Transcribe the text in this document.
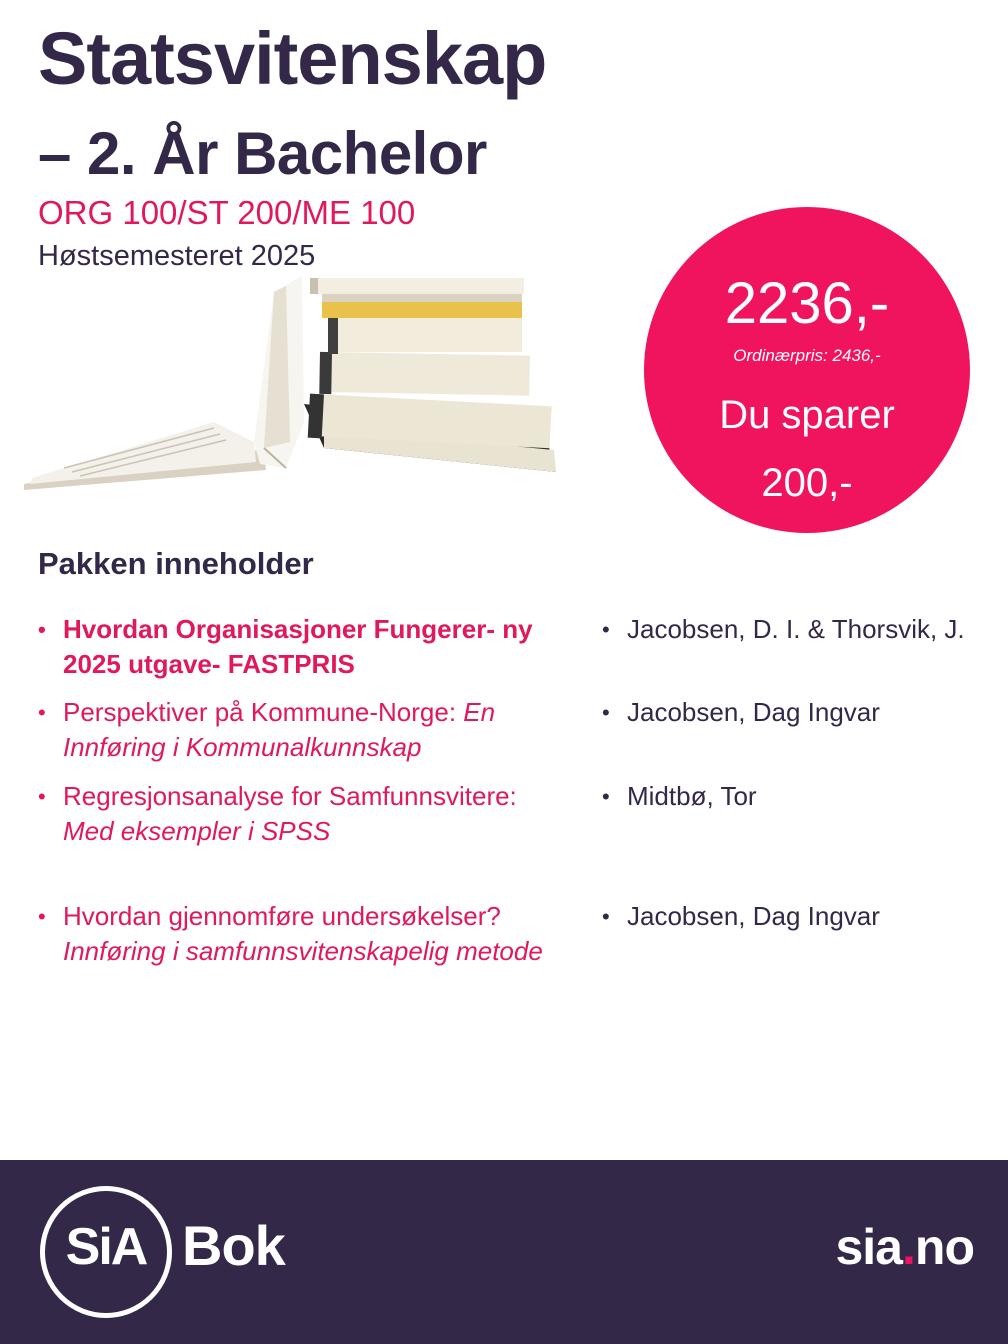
Statsvitenskap
– 2. År Bachelor
ORG 100/ST 200/ME 100
Høstsemesteret 2025
2236,-
Ordinærpris: 2436,-
Du sparer
200,-
Pakken inneholder
• Hvordan Organisasjoner Fungerer- ny 2025 utgave- FASTPRIS
• Perspektiver på Kommune-Norge: En Innføring i Kommunalkunnskap
• Regresjonsanalyse for Samfunnsvitere: Med eksempler i SPSS
• Hvordan gjennomføre undersøkelser? Innføring i samfunnsvitenskapelig metode
• Jacobsen, D. I. & Thorsvik, J.
• Jacobsen, Dag Ingvar
• Midtbø, Tor
• Jacobsen, Dag Ingvar
SiA Bok	sia.no
